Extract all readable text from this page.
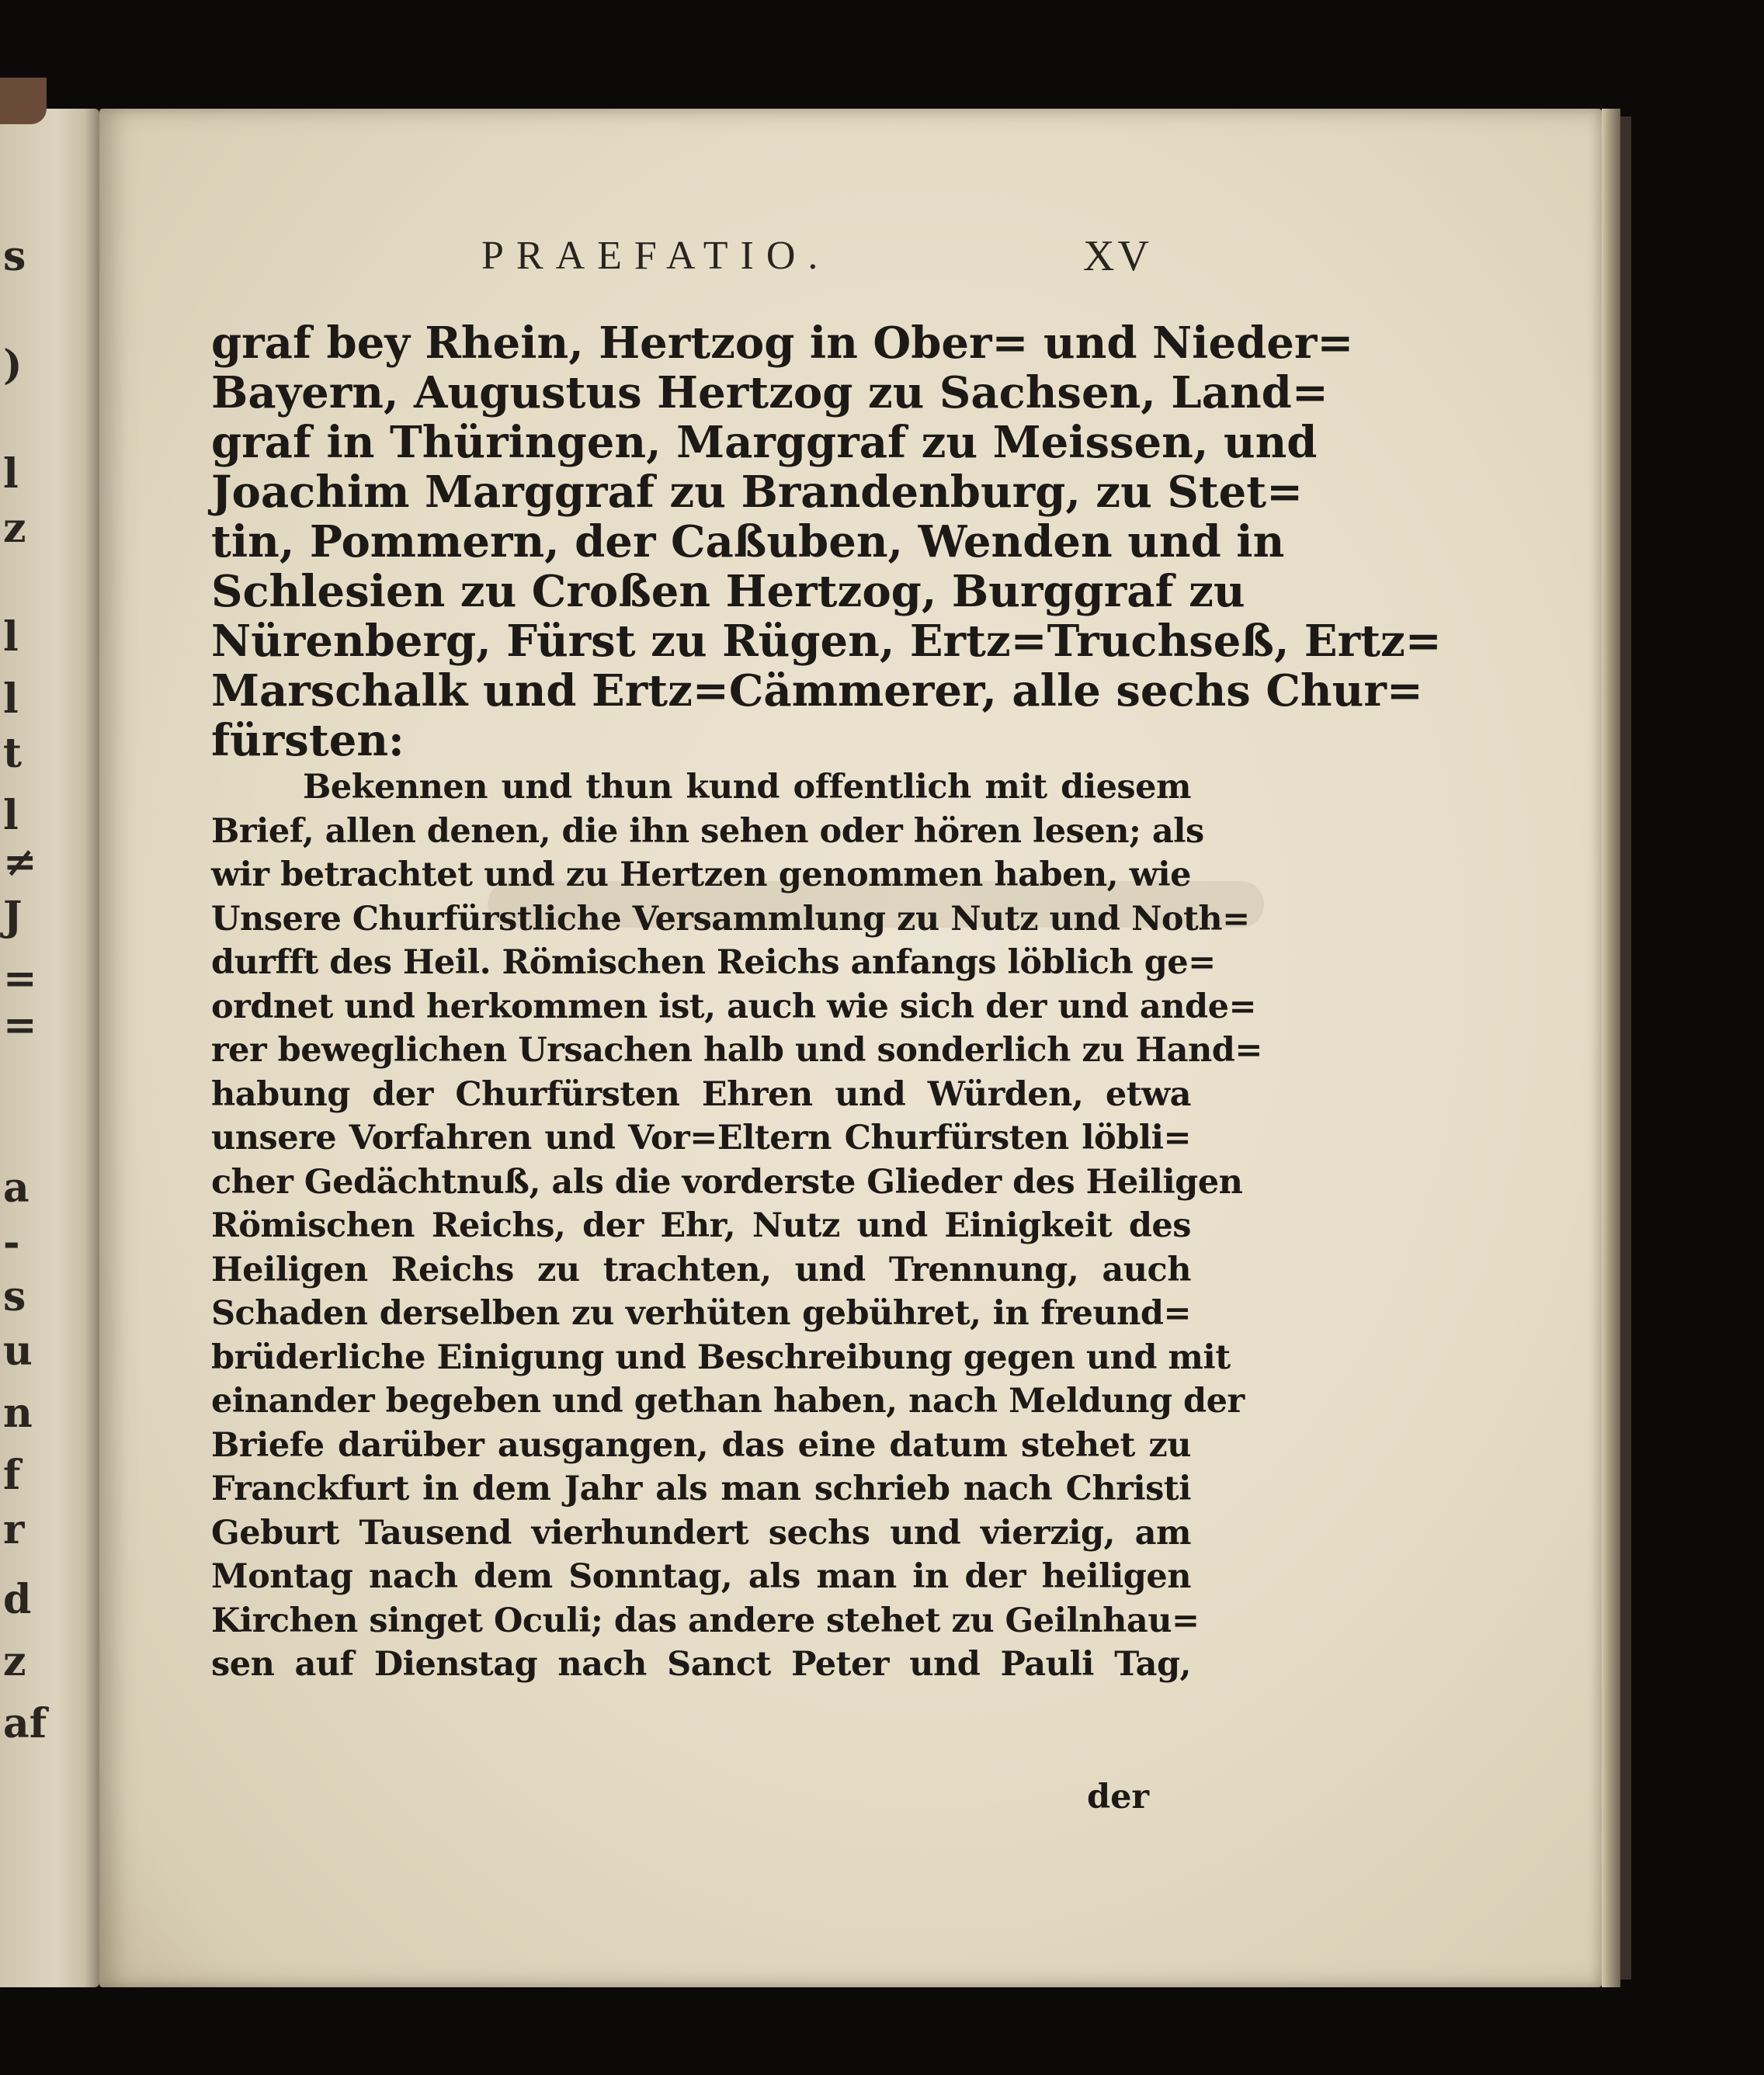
s
)
l
z
l
l
t
l
≠
J
=
=
a
-
s
u
n
f
r
d
z
af
PRAEFATIO.	XV
graf bey Rhein, Hertzog in Ober= und Nieder=
Bayern, Augustus Hertzog zu Sachsen, Land=
graf in Thüringen, Marggraf zu Meissen, und
Joachim Marggraf zu Brandenburg, zu Stet=
tin, Pommern, der Caßuben, Wenden und in
Schlesien zu Croßen Hertzog, Burggraf zu
Nürenberg, Fürst zu Rügen, Ertz=Truchseß, Ertz=
Marschalk und Ertz=Cämmerer, alle sechs Chur=
fürsten:
Bekennen und thun kund offentlich mit diesem
Brief, allen denen, die ihn sehen oder hören lesen; als
wir betrachtet und zu Hertzen genommen haben, wie
Unsere Churfürstliche Versammlung zu Nutz und Noth=
durfft des Heil. Römischen Reichs anfangs löblich ge=
ordnet und herkommen ist, auch wie sich der und ande=
rer beweglichen Ursachen halb und sonderlich zu Hand=
habung der Churfürsten Ehren und Würden, etwa
unsere Vorfahren und Vor=Eltern Churfürsten löbli=
cher Gedächtnuß, als die vorderste Glieder des Heiligen
Römischen Reichs, der Ehr, Nutz und Einigkeit des
Heiligen Reichs zu trachten, und Trennung, auch
Schaden derselben zu verhüten gebühret, in freund=
brüderliche Einigung und Beschreibung gegen und mit
einander begeben und gethan haben, nach Meldung der
Briefe darüber ausgangen, das eine datum stehet zu
Franckfurt in dem Jahr als man schrieb nach Christi
Geburt Tausend vierhundert sechs und vierzig, am
Montag nach dem Sonntag, als man in der heiligen
Kirchen singet Oculi; das andere stehet zu Geilnhau=
sen auf Dienstag nach Sanct Peter und Pauli Tag,
der
